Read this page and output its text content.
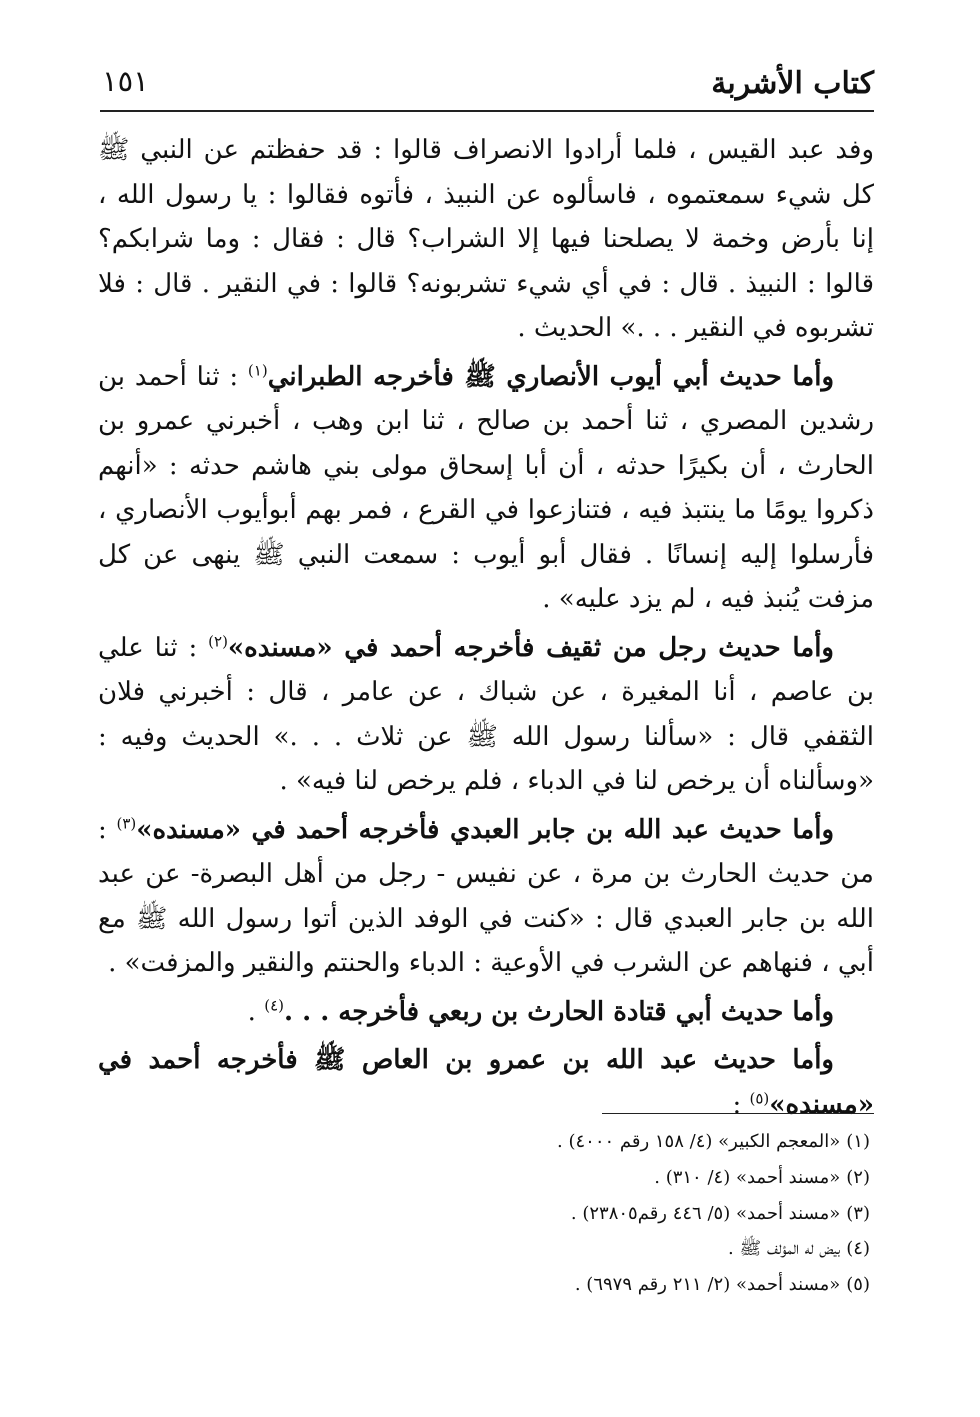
كتاب الأشربة
١٥١

وفد عبد القيس ، فلما أرادوا الانصراف قالوا : قد حفظتم عن النبي ﷺ كل شيء سمعتموه ، فاسألوه عن النبيذ ، فأتوه فقالوا : يا رسول الله ، إنا بأرض وخمة لا يصلحنا فيها إلا الشراب؟ قال : فقال : وما شرابكم؟ قالوا : النبيذ . قال : في أي شيء تشربونه؟ قالوا : في النقير . قال : فلا تشربوه في النقير . . .» الحديث .

وأما حديث أبي أيوب الأنصاري ﷺ فأخرجه الطبراني$^{(١)}$ : ثنا أحمد بن رشدين المصري ، ثنا أحمد بن صالح ، ثنا ابن وهب ، أخبرني عمرو بن الحارث ، أن بكيرًا حدثه ، أن أبا إسحاق مولى بني هاشم حدثه : «أنهم ذكروا يومًا ما ينتبذ فيه ، فتنازعوا في القرع ، فمر بهم أبوأيوب الأنصاري ، فأرسلوا إليه إنسانًا . فقال أبو أيوب : سمعت النبي ﷺ ينهى عن كل مزفت يُنبذ فيه ، لم يزد عليه» .

وأما حديث رجل من ثقيف فأخرجه أحمد في «مسنده»$^{(٢)}$ : ثنا علي بن عاصم ، أنا المغيرة ، عن شباك ، عن عامر ، قال : أخبرني فلان الثقفي قال : «سألنا رسول الله ﷺ عن ثلاث . . .» الحديث وفيه : «وسألناه أن يرخص لنا في الدباء ، فلم يرخص لنا فيه» .

وأما حديث عبد الله بن جابر العبدي فأخرجه أحمد في «مسنده»$^{(٣)}$ : من حديث الحارث بن مرة ، عن نفيس - رجل من أهل البصرة- عن عبد الله بن جابر العبدي قال : «كنت في الوفد الذين أتوا رسول الله ﷺ مع أبي ، فنهاهم عن الشرب في الأوعية : الدباء والحنتم والنقير والمزفت» .

وأما حديث أبي قتادة الحارث بن ربعي فأخرجه . . .$^{(٤)}$ .

وأما حديث عبد الله بن عمرو بن العاص ﷺ فأخرجه أحمد في «مسنده»$^{(٥)}$ :

(١)«المعجم الكبير» (٤/ ١٥٨ رقم ٤٠٠٠) .
(٢)«مسند أحمد» (٤/ ٣١٠) .
(٣)«مسند أحمد» (٥/ ٤٤٦ رقم٢٣٨٠٥) .
(٤)بيض له المؤلف ﷺ .
(٥)«مسند أحمد» (٢/ ٢١١ رقم ٦٩٧٩) .
